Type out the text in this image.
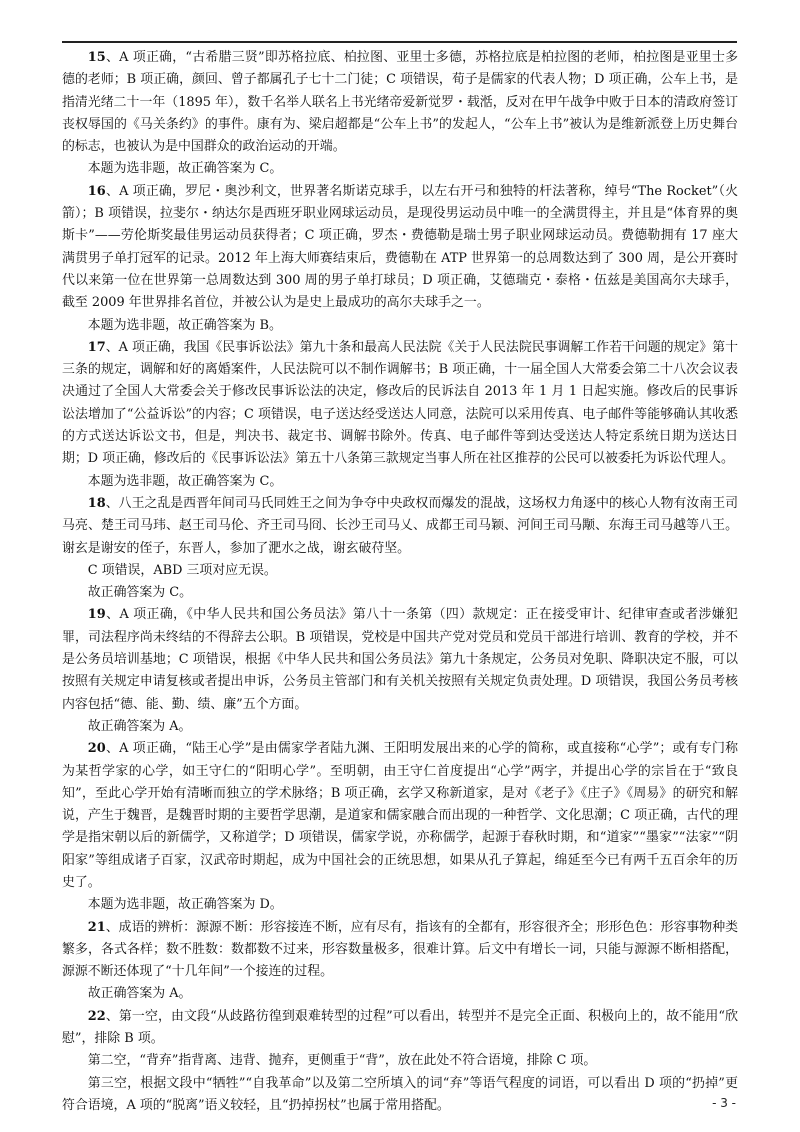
15、A 项正确，“古希腊三贤”即苏格拉底、柏拉图、亚里士多德，苏格拉底是柏拉图的老师，柏拉图是亚里士多德的老师；B 项正确，颜回、曾子都属孔子七十二门徒；C 项错误，荀子是儒家的代表人物；D 项正确，公车上书，是指清光绪二十一年（1895 年），数千名举人联名上书光绪帝爱新觉罗・载湉，反对在甲午战争中败于日本的清政府签订丧权辱国的《马关条约》的事件。康有为、梁启超都是“公车上书”的发起人，“公车上书”被认为是维新派登上历史舞台的标志，也被认为是中国群众的政治运动的开端。

本题为选非题，故正确答案为 C。

16、A 项正确，罗尼・奥沙利文，世界著名斯诺克球手，以左右开弓和独特的杆法著称，绰号“The Rocket”（火箭）；B 项错误，拉斐尔・纳达尔是西班牙职业网球运动员，是现役男运动员中唯一的全满贯得主，并且是“体育界的奥斯卡”——劳伦斯奖最佳男运动员获得者；C 项正确，罗杰・费德勒是瑞士男子职业网球运动员。费德勒拥有 17 座大满贯男子单打冠军的记录。2012 年上海大师赛结束后，费德勒在 ATP 世界第一的总周数达到了 300 周，是公开赛时代以来第一位在世界第一总周数达到 300 周的男子单打球员；D 项正确，艾德瑞克・泰格・伍兹是美国高尔夫球手，截至 2009 年世界排名首位，并被公认为是史上最成功的高尔夫球手之一。

本题为选非题，故正确答案为 B。

17、A 项正确，我国《民事诉讼法》第九十条和最高人民法院《关于人民法院民事调解工作若干问题的规定》第十三条的规定，调解和好的离婚案件，人民法院可以不制作调解书；B 项正确，十一届全国人大常委会第二十八次会议表决通过了全国人大常委会关于修改民事诉讼法的决定，修改后的民诉法自 2013 年 1 月 1 日起实施。修改后的民事诉讼法增加了“公益诉讼”的内容；C 项错误，电子送达经受送达人同意，法院可以采用传真、电子邮件等能够确认其收悉的方式送达诉讼文书，但是，判决书、裁定书、调解书除外。传真、电子邮件等到达受送达人特定系统日期为送达日期；D 项正确，修改后的《民事诉讼法》第五十八条第三款规定当事人所在社区推荐的公民可以被委托为诉讼代理人。

本题为选非题，故正确答案为 C。

18、八王之乱是西晋年间司马氏同姓王之间为争夺中央政权而爆发的混战，这场权力角逐中的核心人物有汝南王司马亮、楚王司马玮、赵王司马伦、齐王司马冏、长沙王司马乂、成都王司马颖、河间王司马颙、东海王司马越等八王。谢玄是谢安的侄子，东晋人，参加了淝水之战，谢玄破苻坚。

C 项错误，ABD 三项对应无误。

故正确答案为 C。

19、A 项正确，《中华人民共和国公务员法》第八十一条第（四）款规定：正在接受审计、纪律审查或者涉嫌犯罪，司法程序尚未终结的不得辞去公职。B 项错误，党校是中国共产党对党员和党员干部进行培训、教育的学校，并不是公务员培训基地；C 项错误，根据《中华人民共和国公务员法》第九十条规定，公务员对免职、降职决定不服，可以按照有关规定申请复核或者提出申诉，公务员主管部门和有关机关按照有关规定负责处理。D 项错误，我国公务员考核内容包括“德、能、勤、绩、廉”五个方面。

故正确答案为 A。

20、A 项正确，“陆王心学”是由儒家学者陆九渊、王阳明发展出来的心学的简称，或直接称“心学”；或有专门称为某哲学家的心学，如王守仁的“阳明心学”。至明朝，由王守仁首度提出“心学”两字，并提出心学的宗旨在于“致良知”，至此心学开始有清晰而独立的学术脉络；B 项正确，玄学又称新道家，是对《老子》《庄子》《周易》的研究和解说，产生于魏晋，是魏晋时期的主要哲学思潮，是道家和儒家融合而出现的一种哲学、文化思潮；C 项正确，古代的理学是指宋朝以后的新儒学，又称道学；D 项错误，儒家学说，亦称儒学，起源于春秋时期，和“道家”“墨家”“法家”“阴阳家”等组成诸子百家，汉武帝时期起，成为中国社会的正统思想，如果从孔子算起，绵延至今已有两千五百余年的历史了。

本题为选非题，故正确答案为 D。

21、成语的辨析：源源不断：形容接连不断，应有尽有，指该有的全都有，形容很齐全；形形色色：形容事物种类繁多，各式各样；数不胜数：数都数不过来，形容数量极多，很难计算。后文中有增长一词，只能与源源不断相搭配，源源不断还体现了“十几年间”一个接连的过程。

故正确答案为 A。

22、第一空，由文段“从歧路彷徨到艰难转型的过程”可以看出，转型并不是完全正面、积极向上的，故不能用“欣慰”，排除 B 项。

第二空，“背弃”指背离、违背、抛弃，更侧重于“背”，放在此处不符合语境，排除 C 项。

第三空，根据文段中“牺牲”“自我革命”以及第二空所填入的词“弃”等语气程度的词语，可以看出 D 项的“扔掉”更符合语境，A 项的“脱离”语义较轻，且“扔掉拐杖”也属于常用搭配。	- 3 -
